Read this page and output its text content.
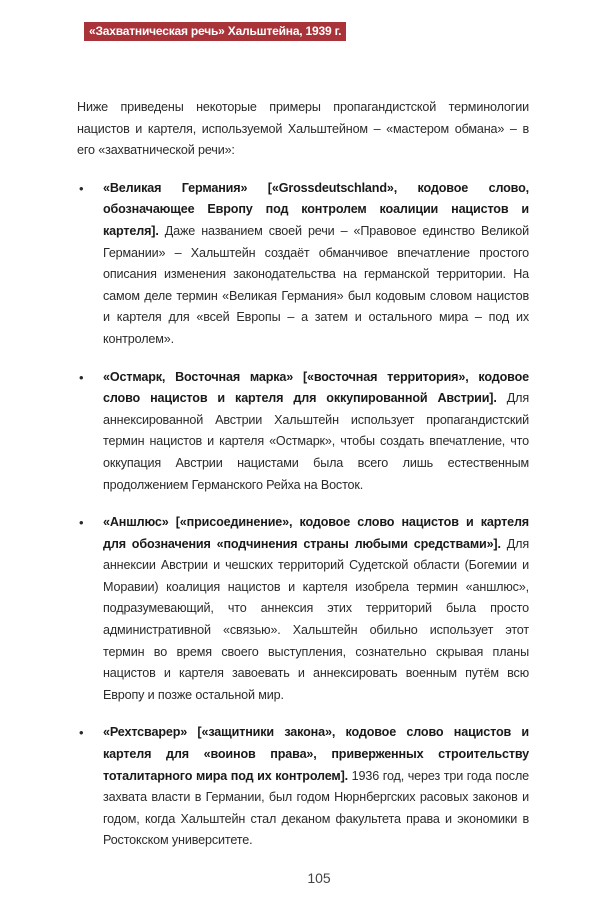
«Захватническая речь» Хальштейна, 1939 г.
Ниже приведены некоторые примеры пропагандистской терминологии нацистов и картеля, используемой Хальштейном – «мастером обмана» – в его «захватнической речи»:
• «Великая Германия» [«Grossdeutschland», кодовое слово, обозначающее Европу под контролем коалиции нацистов и картеля]. Даже названием своей речи – «Правовое единство Великой Германии» – Хальштейн создаёт обманчивое впечатление простого описания изменения законодательства на германской территории. На самом деле термин «Великая Германия» был кодовым словом нацистов и картеля для «всей Европы – а затем и остального мира – под их контролем».
• «Остмарк, Восточная марка» [«восточная территория», кодовое слово нацистов и картеля для оккупированной Австрии]. Для аннексированной Австрии Хальштейн использует пропагандистский термин нацистов и картеля «Остмарк», чтобы создать впечатление, что оккупация Австрии нацистами была всего лишь естественным продолжением Германского Рейха на Восток.
• «Аншлюс» [«присоединение», кодовое слово нацистов и картеля для обозначения «подчинения страны любыми средствами»]. Для аннексии Австрии и чешских территорий Судетской области (Богемии и Моравии) коалиция нацистов и картеля изобрела термин «аншлюс», подразумевающий, что аннексия этих территорий была просто административной «связью». Хальштейн обильно использует этот термин во время своего выступления, сознательно скрывая планы нацистов и картеля завоевать и аннексировать военным путём всю Европу и позже остальной мир.
• «Рехтсварер» [«защитники закона», кодовое слово нацистов и картеля для «воинов права», приверженных строительству тоталитарного мира под их контролем]. 1936 год, через три года после захвата власти в Германии, был годом Нюрнбергских расовых законов и годом, когда Хальштейн стал деканом факультета права и экономики в Ростокском университете.
105
